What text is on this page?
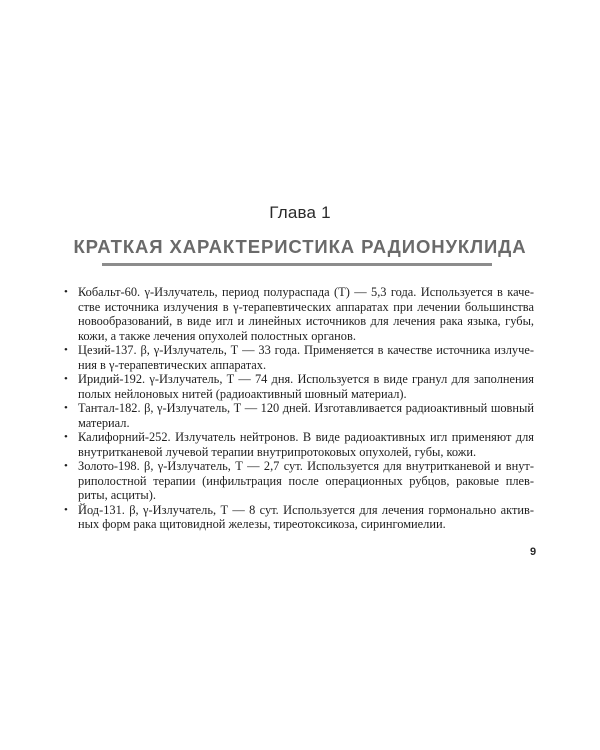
Глава 1
КРАТКАЯ ХАРАКТЕРИСТИКА РАДИОНУКЛИДА
• Кобальт-60. γ-Излучатель, период полураспада (Т) — 5,3 года. Используется в качестве источника излучения в γ-терапевтических аппаратах при лечении большинства новообразований, в виде игл и линейных источников для лечения рака языка, губы, кожи, а также лечения опухолей полостных органов.
• Цезий-137. β, γ-Излучатель, Т — 33 года. Применяется в качестве источника излучения в γ-терапевтических аппаратах.
• Иридий-192. γ-Излучатель, Т — 74 дня. Используется в виде гранул для заполнения полых нейлоновых нитей (радиоактивный шовный материал).
• Тантал-182. β, γ-Излучатель, Т — 120 дней. Изготавливается радиоактивный шовный материал.
• Калифорний-252. Излучатель нейтронов. В виде радиоактивных игл применяют для внутритканевой лучевой терапии внутрипротоковых опухолей, губы, кожи.
• Золото-198. β, γ-Излучатель, Т — 2,7 сут. Используется для внутритканевой и внутриполостной терапии (инфильтрация после операционных рубцов, раковые плевриты, асциты).
• Йод-131. β, γ-Излучатель, Т — 8 сут. Используется для лечения гормонально активных форм рака щитовидной железы, тиреотоксикоза, сирингомиелии.
9
